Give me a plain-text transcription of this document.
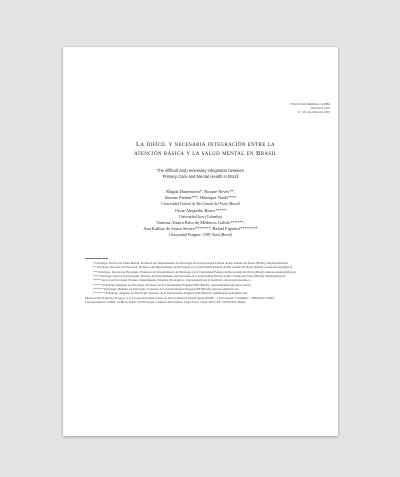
PSICOLOGÍA DESDE EL CARIBE
ISSN 0123-417X
N.º 35, julio-diciembre 2015
La difícil y necesaria integración entre la
atención básica y la salud mental en Brasil
The difficult and necessary integration between
Primary Care and Mental Health in Brazil
Magda Dimenstein*, Rosane Neves**,
Simone Paulon***, Henrique Nardi****
Universidad Federal de Rio Grande del Norte (Brasil)
Oscar Alejandro Bravo*****
Universidad Icesi (Colombia)
Vanessa Almira Brito de Medeiros Galvão******,
Ana Kalliny de Sousa Severo*******, Rafael Figueiró********
Universidad Potiguar / UNP, Natal (Brasil)
* Psicóloga. Doctora en Salud Mental. Profesora del Departamento de Psicología de la Universidad Federal de Rio Grande del Norte (Brasil). magda@ufrnet.br
** Psicóloga. Doctora en Educación. Profesora del Departamento de Psicología de la Universidad Federal de Rio Grande del Norte (Brasil). rosane.neves@ufrgs.br
*** Psicóloga. Doctora en Psicología. Profesora del Departamento de Psicología de la Universidad Federal de Rio Grande del Norte (Brasil). simone.paulon@ufrgs.br
**** Psicólogo. Doctor en Sociología. Profesor del Departamento de Psicología de la Universidad Federal de Rio Grande del Norte (Brasil). hnardi@ufrgs.br
***** Doctor en Psicología. Profesor Departamento Estudios Psicológicos, Universidad Icesi (Colombia). oabravo@icesi.edu.co
****** Psicóloga. Magíster en Psicología. Profesora de la Universidade Potiguar/UNP (Brasil). vanessamedeiros@yahoo.com.br
******* Psicóloga. Magíster en Psicología. Profesora de la Universidade Potiguar/UNP (Brasil). aksevero@gmail.com
******** Psicólogo. Magíster en Psicología. Profesor de la Universidade Potiguar/UNP (Brasil). rafaelfigueiro@hotmail.com
Financiación Programa de Apoyo a la Cooperación entre Cursos de Pos-Graduación Strictu Sensu (PAEP) - Convocatoria "Casadinho" / MINEDU/CAPES.
Correspondencia: UFRN, CCHLA, Depto. de Psicología, Campus Universitário, Lagoa Nova, Natal / RN. CEP: 59.078-970, Brasil.
